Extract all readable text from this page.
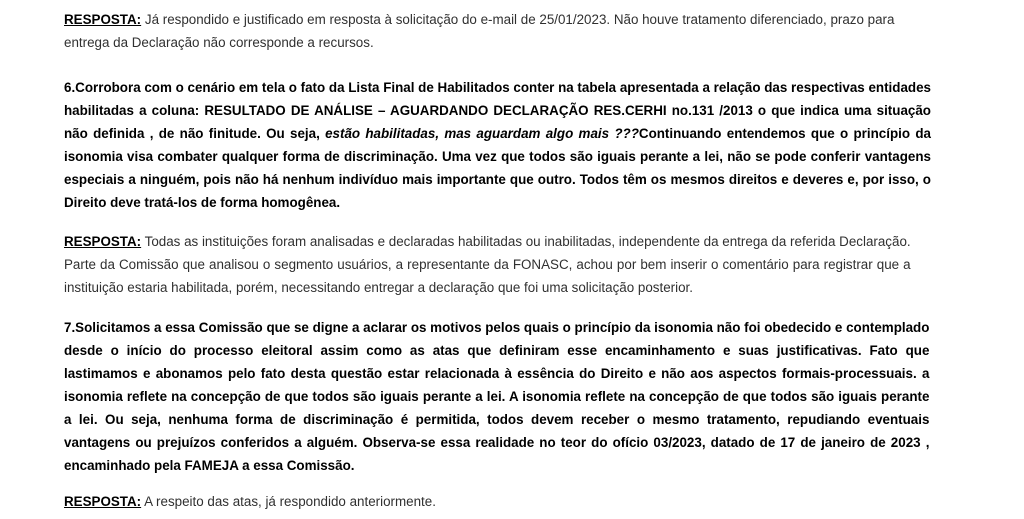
RESPOSTA: Já respondido e justificado em resposta à solicitação do e-mail de 25/01/2023. Não houve tratamento diferenciado, prazo para
entrega da Declaração não corresponde a recursos.
6.Corrobora com o cenário em tela o fato da Lista Final de Habilitados conter na tabela apresentada a relação das respectivas entidades
habilitadas a coluna: RESULTADO DE ANÁLISE – AGUARDANDO DECLARAÇÃO RES.CERHI no.131 /2013 o que indica uma situação
não definida , de não finitude. Ou seja, estão habilitadas, mas aguardam algo mais ???Continuando entendemos que o princípio da
isonomia visa combater qualquer forma de discriminação. Uma vez que todos são iguais perante a lei, não se pode conferir vantagens
especiais a ninguém, pois não há nenhum indivíduo mais importante que outro. Todos têm os mesmos direitos e deveres e, por isso, o
Direito deve tratá-los de forma homogênea.
RESPOSTA: Todas as instituições foram analisadas e declaradas habilitadas ou inabilitadas, independente da entrega da referida Declaração.
Parte da Comissão que analisou o segmento usuários, a representante da FONASC, achou por bem inserir o comentário para registrar que a
instituição estaria habilitada, porém, necessitando entregar a declaração que foi uma solicitação posterior.
7.Solicitamos a essa Comissão que se digne a aclarar os motivos pelos quais o princípio da isonomia não foi obedecido e contemplado
desde o início do processo eleitoral assim como as atas que definiram esse encaminhamento e suas justificativas. Fato que
lastimamos e abonamos pelo fato desta questão estar relacionada à essência do Direito e não aos aspectos formais-processuais. a
isonomia reflete na concepção de que todos são iguais perante a lei. A isonomia reflete na concepção de que todos são iguais perante
a lei. Ou seja, nenhuma forma de discriminação é permitida, todos devem receber o mesmo tratamento, repudiando eventuais
vantagens ou prejuízos conferidos a alguém. Observa-se essa realidade no teor do ofício 03/2023, datado de 17 de janeiro de 2023 ,
encaminhado pela FAMEJA a essa Comissão.
RESPOSTA: A respeito das atas, já respondido anteriormente.
